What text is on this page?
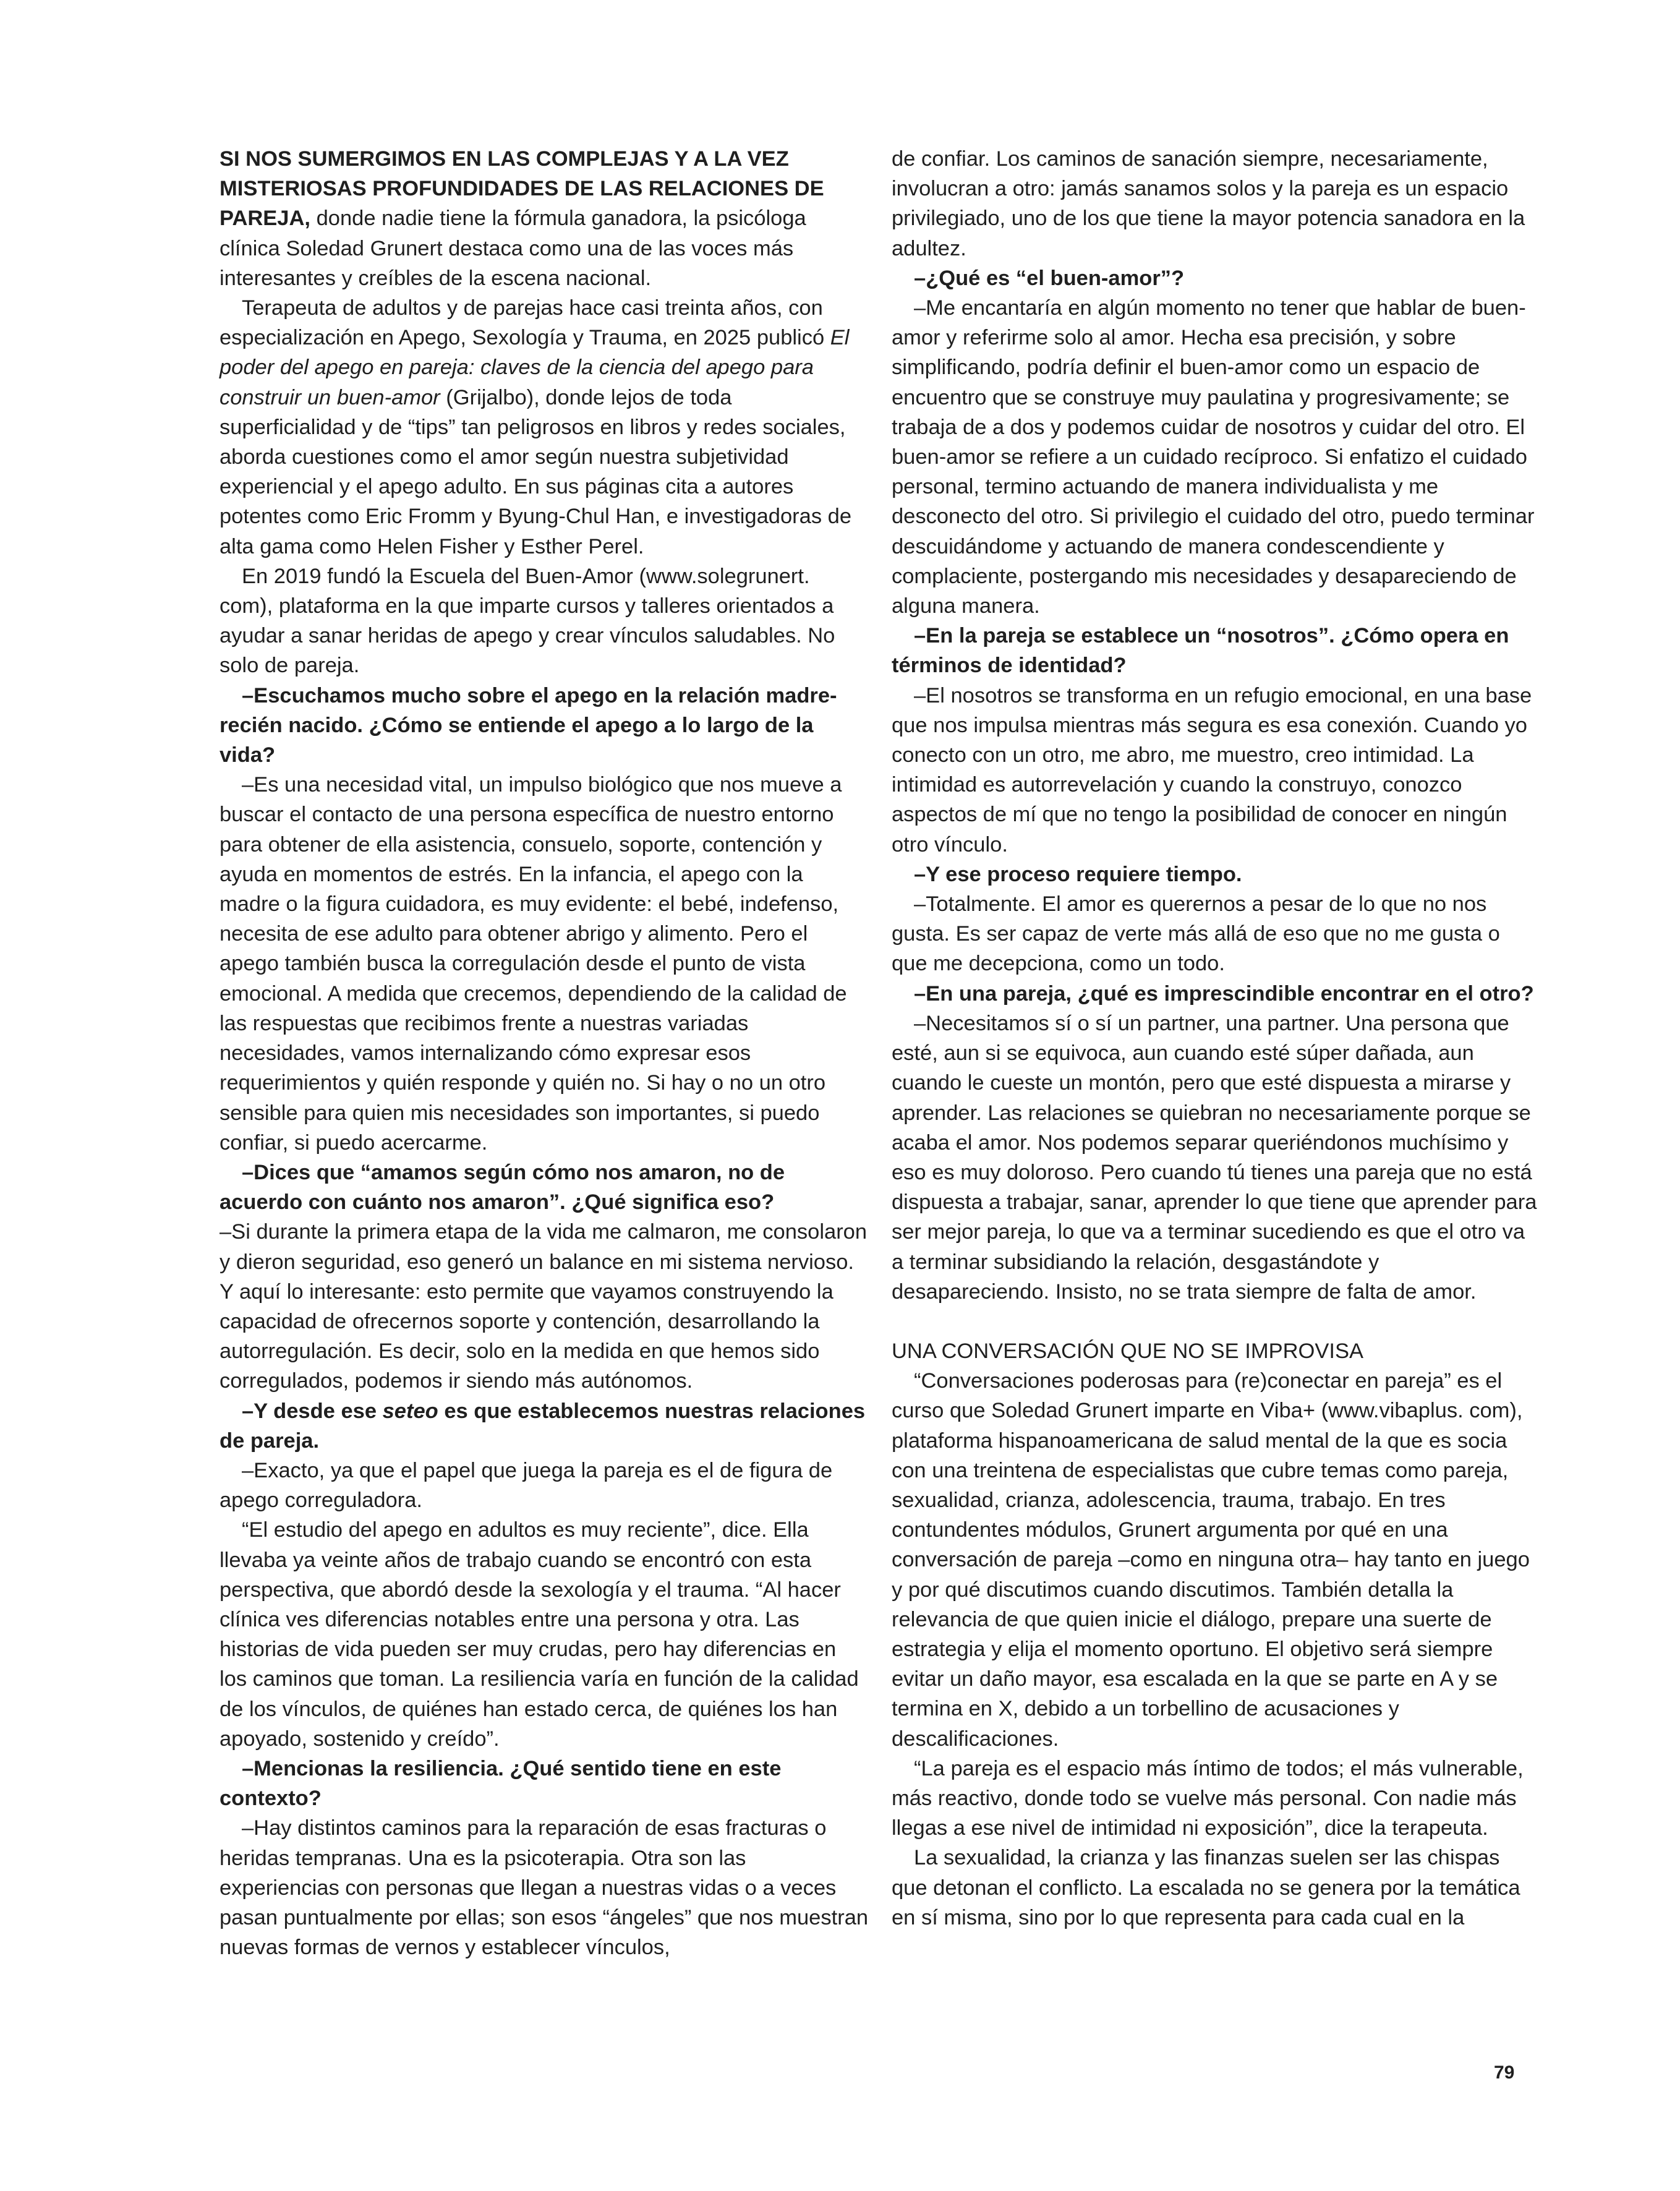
SI NOS SUMERGIMOS EN LAS COMPLEJAS Y A LA VEZ MISTERIOSAS PROFUNDIDADES DE LAS RELACIONES DE PAREJA, donde nadie tiene la fórmula ganadora, la psicóloga clínica Soledad Grunert destaca como una de las voces más interesantes y creíbles de la escena nacional.

Terapeuta de adultos y de parejas hace casi treinta años, con especialización en Apego, Sexología y Trauma, en 2025 publicó El poder del apego en pareja: claves de la ciencia del apego para construir un buen-amor (Grijalbo), donde lejos de toda superficialidad y de “tips” tan peligrosos en libros y redes sociales, aborda cuestiones como el amor según nuestra subjetividad experiencial y el apego adulto. En sus páginas cita a autores potentes como Eric Fromm y Byung-Chul Han, e investigadoras de alta gama como Helen Fisher y Esther Perel.

En 2019 fundó la Escuela del Buen-Amor (www.solegrunert. com), plataforma en la que imparte cursos y talleres orientados a ayudar a sanar heridas de apego y crear vínculos saludables. No solo de pareja.

–Escuchamos mucho sobre el apego en la relación madre-recién nacido. ¿Cómo se entiende el apego a lo largo de la vida?

–Es una necesidad vital, un impulso biológico que nos mueve a buscar el contacto de una persona específica de nuestro entorno para obtener de ella asistencia, consuelo, soporte, contención y ayuda en momentos de estrés. En la infancia, el apego con la madre o la figura cuidadora, es muy evidente: el bebé, indefenso, necesita de ese adulto para obtener abrigo y alimento. Pero el apego también busca la corregulación desde el punto de vista emocional. A medida que crecemos, dependiendo de la calidad de las respuestas que recibimos frente a nuestras variadas necesidades, vamos internalizando cómo expresar esos requerimientos y quién responde y quién no. Si hay o no un otro sensible para quien mis necesidades son importantes, si puedo confiar, si puedo acercarme.

–Dices que “amamos según cómo nos amaron, no de acuerdo con cuánto nos amaron”. ¿Qué significa eso?

–Si durante la primera etapa de la vida me calmaron, me consolaron y dieron seguridad, eso generó un balance en mi sistema nervioso. Y aquí lo interesante: esto permite que vayamos construyendo la capacidad de ofrecernos soporte y contención, desarrollando la autorregulación. Es decir, solo en la medida en que hemos sido corregulados, podemos ir siendo más autónomos.

–Y desde ese seteo es que establecemos nuestras relaciones de pareja.

–Exacto, ya que el papel que juega la pareja es el de figura de apego correguladora.

“El estudio del apego en adultos es muy reciente”, dice. Ella llevaba ya veinte años de trabajo cuando se encontró con esta perspectiva, que abordó desde la sexología y el trauma. “Al hacer clínica ves diferencias notables entre una persona y otra. Las historias de vida pueden ser muy crudas, pero hay diferencias en los caminos que toman. La resiliencia varía en función de la calidad de los vínculos, de quiénes han estado cerca, de quiénes los han apoyado, sostenido y creído”.

–Mencionas la resiliencia. ¿Qué sentido tiene en este contexto?

–Hay distintos caminos para la reparación de esas fracturas o heridas tempranas. Una es la psicoterapia. Otra son las experiencias con personas que llegan a nuestras vidas o a veces pasan puntualmente por ellas; son esos “ángeles” que nos muestran nuevas formas de vernos y establecer vínculos,

de confiar. Los caminos de sanación siempre, necesariamente, involucran a otro: jamás sanamos solos y la pareja es un espacio privilegiado, uno de los que tiene la mayor potencia sanadora en la adultez.

–¿Qué es “el buen-amor”?

–Me encantaría en algún momento no tener que hablar de buen-amor y referirme solo al amor. Hecha esa precisión, y sobre simplificando, podría definir el buen-amor como un espacio de encuentro que se construye muy paulatina y progresivamente; se trabaja de a dos y podemos cuidar de nosotros y cuidar del otro. El buen-amor se refiere a un cuidado recíproco. Si enfatizo el cuidado personal, termino actuando de manera individualista y me desconecto del otro. Si privilegio el cuidado del otro, puedo terminar descuidándome y actuando de manera condescendiente y complaciente, postergando mis necesidades y desapareciendo de alguna manera.

–En la pareja se establece un “nosotros”. ¿Cómo opera en términos de identidad?

–El nosotros se transforma en un refugio emocional, en una base que nos impulsa mientras más segura es esa conexión. Cuando yo conecto con un otro, me abro, me muestro, creo intimidad. La intimidad es autorrevelación y cuando la construyo, conozco aspectos de mí que no tengo la posibilidad de conocer en ningún otro vínculo.

–Y ese proceso requiere tiempo.

–Totalmente. El amor es querernos a pesar de lo que no nos gusta. Es ser capaz de verte más allá de eso que no me gusta o que me decepciona, como un todo.

–En una pareja, ¿qué es imprescindible encontrar en el otro?

–Necesitamos sí o sí un partner, una partner. Una persona que esté, aun si se equivoca, aun cuando esté súper dañada, aun cuando le cueste un montón, pero que esté dispuesta a mirarse y aprender. Las relaciones se quiebran no necesariamente porque se acaba el amor. Nos podemos separar queriéndonos muchísimo y eso es muy doloroso. Pero cuando tú tienes una pareja que no está dispuesta a trabajar, sanar, aprender lo que tiene que aprender para ser mejor pareja, lo que va a terminar sucediendo es que el otro va a terminar subsidiando la relación, desgastándote y desapareciendo. Insisto, no se trata siempre de falta de amor.

UNA CONVERSACIÓN QUE NO SE IMPROVISA

“Conversaciones poderosas para (re)conectar en pareja” es el curso que Soledad Grunert imparte en Viba+ (www.vibaplus. com), plataforma hispanoamericana de salud mental de la que es socia con una treintena de especialistas que cubre temas como pareja, sexualidad, crianza, adolescencia, trauma, trabajo. En tres contundentes módulos, Grunert argumenta por qué en una conversación de pareja –como en ninguna otra– hay tanto en juego y por qué discutimos cuando discutimos. También detalla la relevancia de que quien inicie el diálogo, prepare una suerte de estrategia y elija el momento oportuno. El objetivo será siempre evitar un daño mayor, esa escalada en la que se parte en A y se termina en X, debido a un torbellino de acusaciones y descalificaciones.

“La pareja es el espacio más íntimo de todos; el más vulnerable, más reactivo, donde todo se vuelve más personal. Con nadie más llegas a ese nivel de intimidad ni exposición”, dice la terapeuta.

La sexualidad, la crianza y las finanzas suelen ser las chispas que detonan el conflicto. La escalada no se genera por la temática en sí misma, sino por lo que representa para cada cual en la

79
